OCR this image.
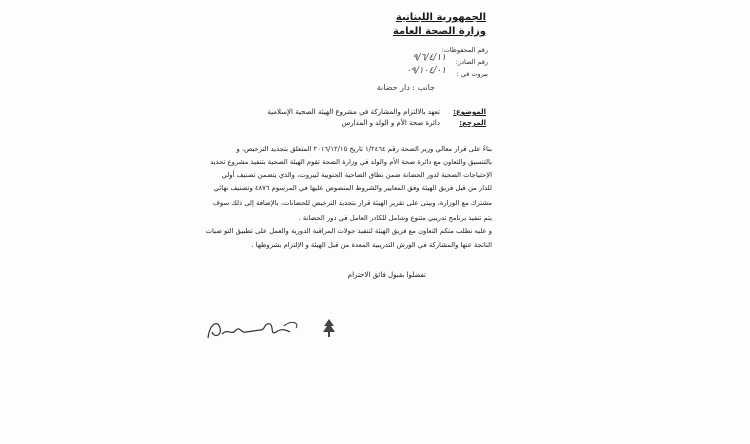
الجمهورية اللبنانية
وزارة الصحة العامة
رقم المحفوظات:
رقم الصادر:
٩/٦/٤/١١
بيروت في :
٠٩/١٠٤/٠١
جانب : دار حضانة
الموضوع:
تعهد بالالتزام والمشاركة في مشروع الهيئة الصحية الإسلامية
المرجع:
دائرة صحة الأم و الولد و المدارس
بناءً على قرار معالي وزير الصحة رقم ١/٢٤٦٤ تاريخ ٢٠١٦/١٢/١٥ المتعلق بتجديد الترخيص، و
بالتنسيق والتعاون مع دائرة صحة الأم والولد في وزارة الصحة تقوم الهيئة الصحية بتنفيذ مشروع تحديد
الإحتياجات الصحية لدور الحضانة ضمن نطاق الضاحية الجنوبية لبيروت، والذي يتضمن تصنيف أولي
للدار من قبل فريق الهيئة وفق المعايير والشروط المنصوص عليها في المرسوم ٤٨٧٦ وتصنيف نهائي
مشترك مع الوزارة، ويبنى على تقرير الهيئة قرار بتجديد الترخيص للحضانات، بالإضافة إلى ذلك سوف
يتم تنفيذ برنامج تدريبي متنوع وشامل للكادر العامل في دور الحضانة .
و عليه نطلب منكم التعاون مع فريق الهيئة لتنفيذ جولات المراقبة الدورية والعمل على تطبيق التو صيات
الناتجة عنها والمشاركة في الورش التدريبية المعدة من قبل الهيئة و الإلتزام بشروطها .
تفضلوا بقبول فائق الاحترام
